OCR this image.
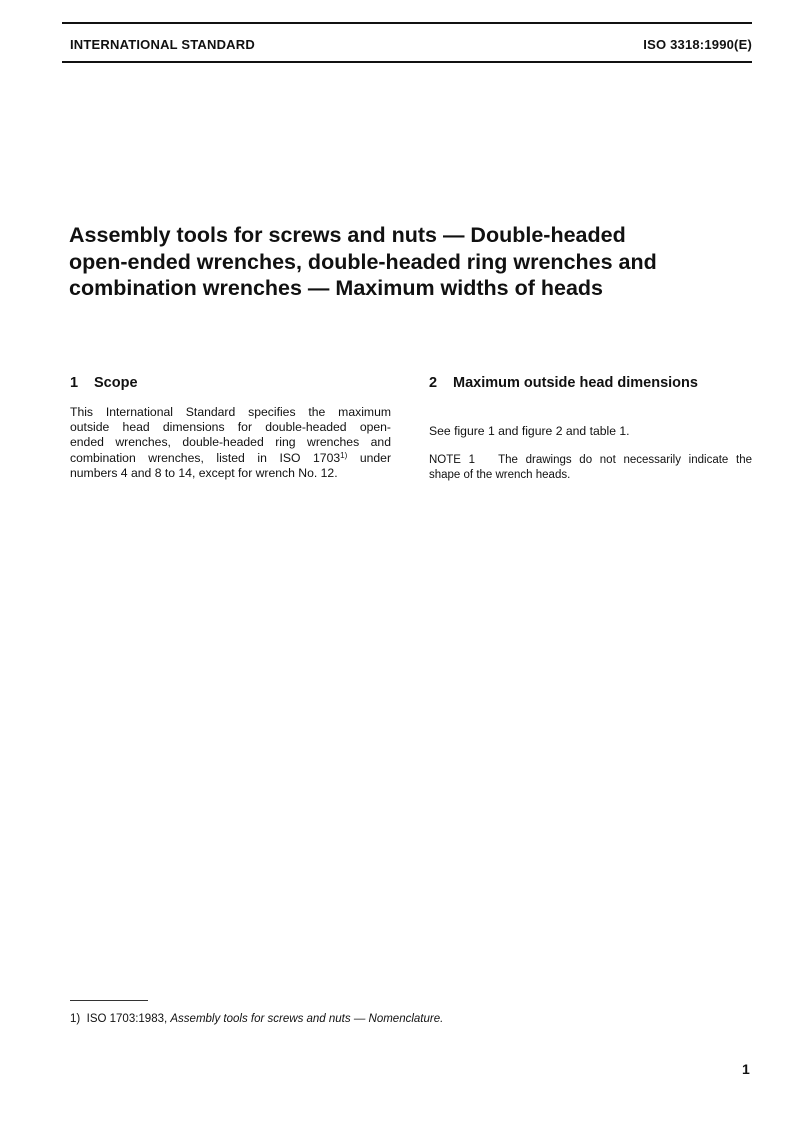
INTERNATIONAL STANDARD	ISO 3318:1990(E)
Assembly tools for screws and nuts — Double-headed
open-ended wrenches, double-headed ring wrenches and
combination wrenches — Maximum widths of heads
1 Scope
This International Standard specifies the maximum
outside head dimensions for double-headed open-
ended wrenches, double-headed ring wrenches and
combination wrenches, listed in ISO 1703$^{1)}$ under
numbers 4 and 8 to 14, except for wrench No. 12.
2 Maximum outside head dimensions
See figure 1 and figure 2 and table 1.
NOTE 1 The drawings do not necessarily indicate the
shape of the wrench heads.
1) ISO 1703:1983, Assembly tools for screws and nuts — Nomenclature.
1
